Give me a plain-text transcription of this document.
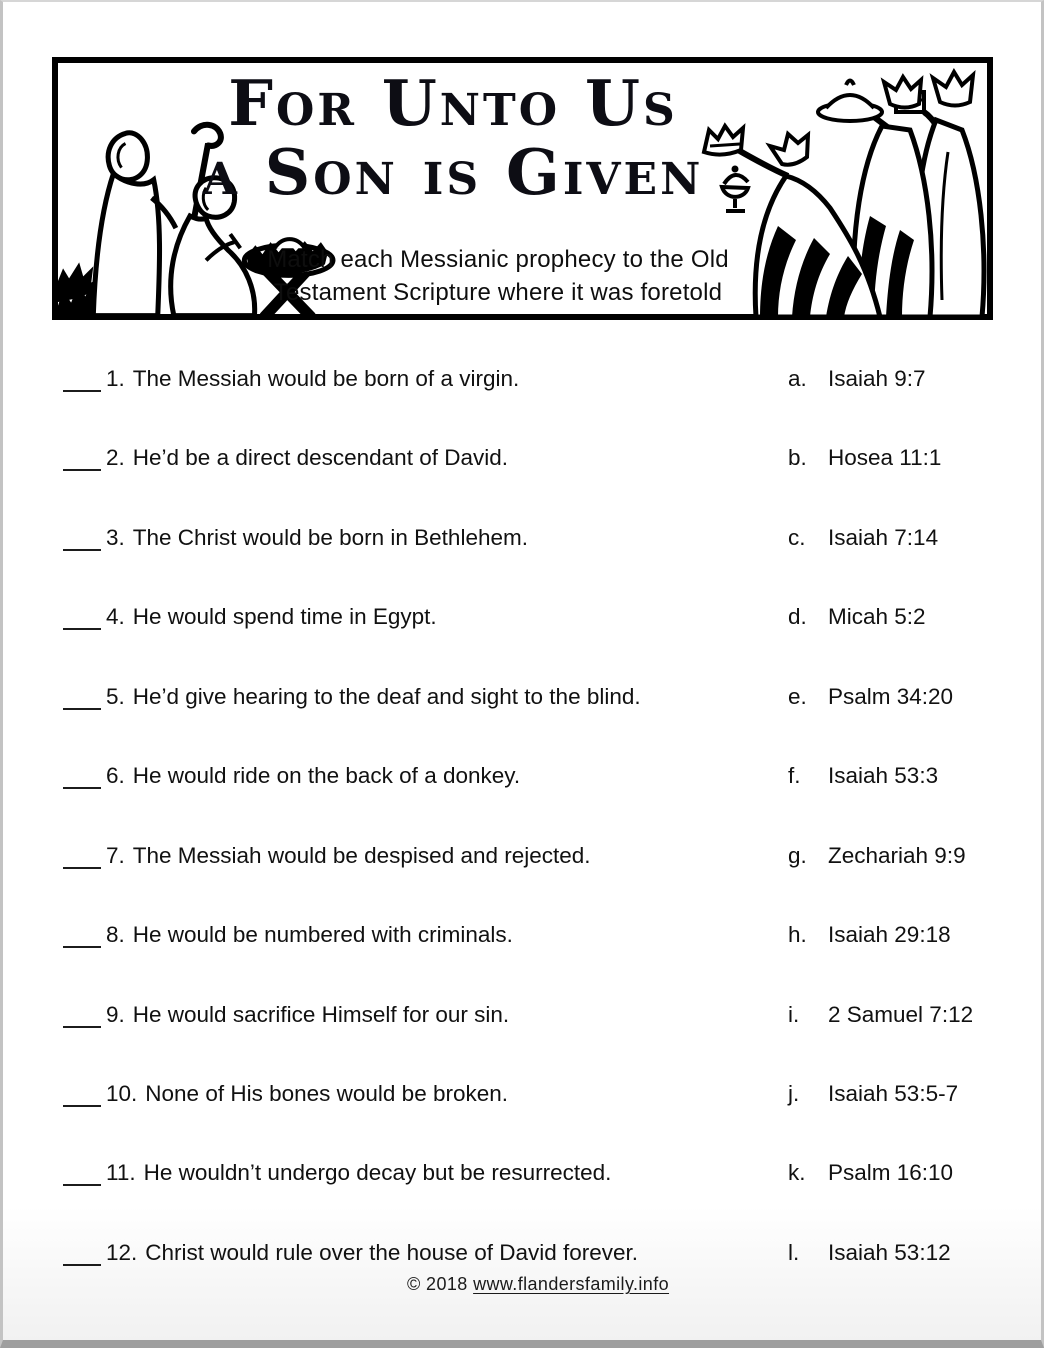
For Unto Us
a Son is Given
Match each Messianic prophecy to the Old
Testament Scripture where it was foretold
1. The Messiah would be born of a virgin.	a. Isaiah 9:7
2. He’d be a direct descendant of David.	b. Hosea 11:1
3. The Christ would be born in Bethlehem.	c. Isaiah 7:14
4. He would spend time in Egypt.	d. Micah 5:2
5. He’d give hearing to the deaf and sight to the blind.	e. Psalm 34:20
6. He would ride on the back of a donkey.	f. Isaiah 53:3
7. The Messiah would be despised and rejected.	g. Zechariah 9:9
8. He would be numbered with criminals.	h. Isaiah 29:18
9. He would sacrifice Himself for our sin.	i. 2 Samuel 7:12
10. None of His bones would be broken.	j. Isaiah 53:5-7
11. He wouldn’t undergo decay but be resurrected.	k. Psalm 16:10
12. Christ would rule over the house of David forever.	l. Isaiah 53:12
© 2018 www.flandersfamily.info
